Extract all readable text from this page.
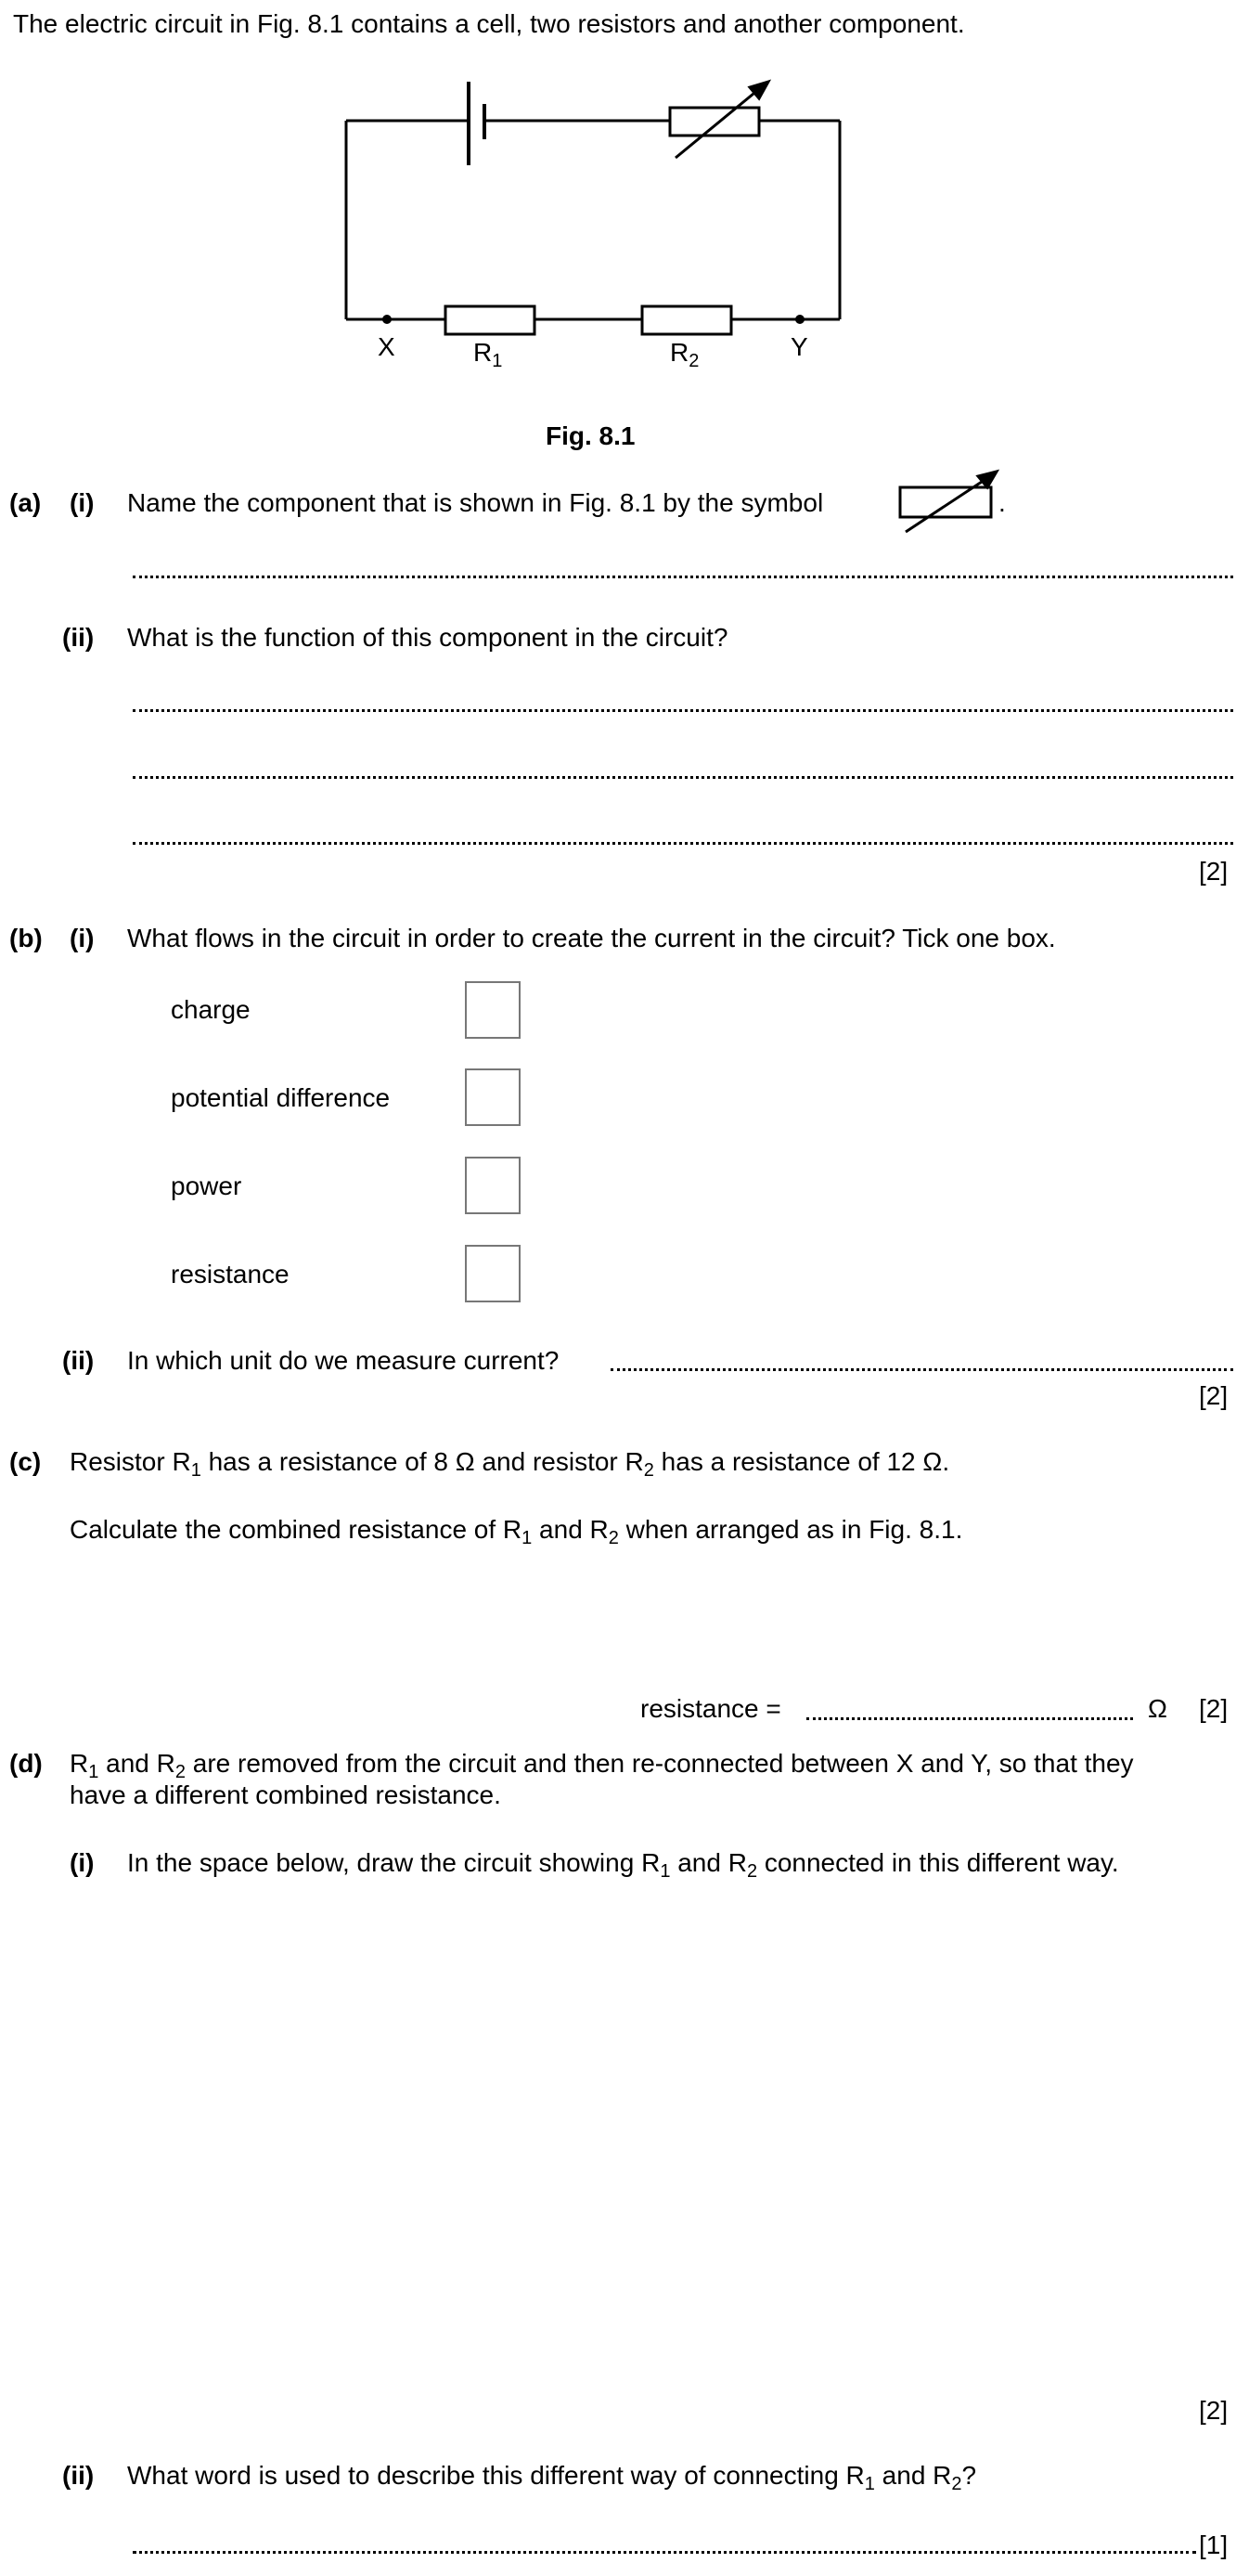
The electric circuit in Fig. 8.1 contains a cell, two resistors and another component.
X	Y
$R_1$	$R_2$
Fig. 8.1
(a) (i) Name the component that is shown in Fig. 8.1 by the symbol	.
(ii) What is the function of this component in the circuit?
[2]
(b) (i) What flows in the circuit in order to create the current in the circuit? Tick one box.
charge
potential difference
power
resistance
(ii) In which unit do we measure current?
[2]
(c) Resistor $R_1$ has a resistance of 8 Ω and resistor $R_2$ has a resistance of 12 Ω.
Calculate the combined resistance of $R_1$ and $R_2$ when arranged as in Fig. 8.1.
resistance =	Ω [2]
(d) $R_1$ and $R_2$ are removed from the circuit and then re-connected between X and Y, so that they
have a different combined resistance.
(i) In the space below, draw the circuit showing $R_1$ and $R_2$ connected in this different way.
[2]
(ii) What word is used to describe this different way of connecting $R_1$ and $R_2$?
[1]
